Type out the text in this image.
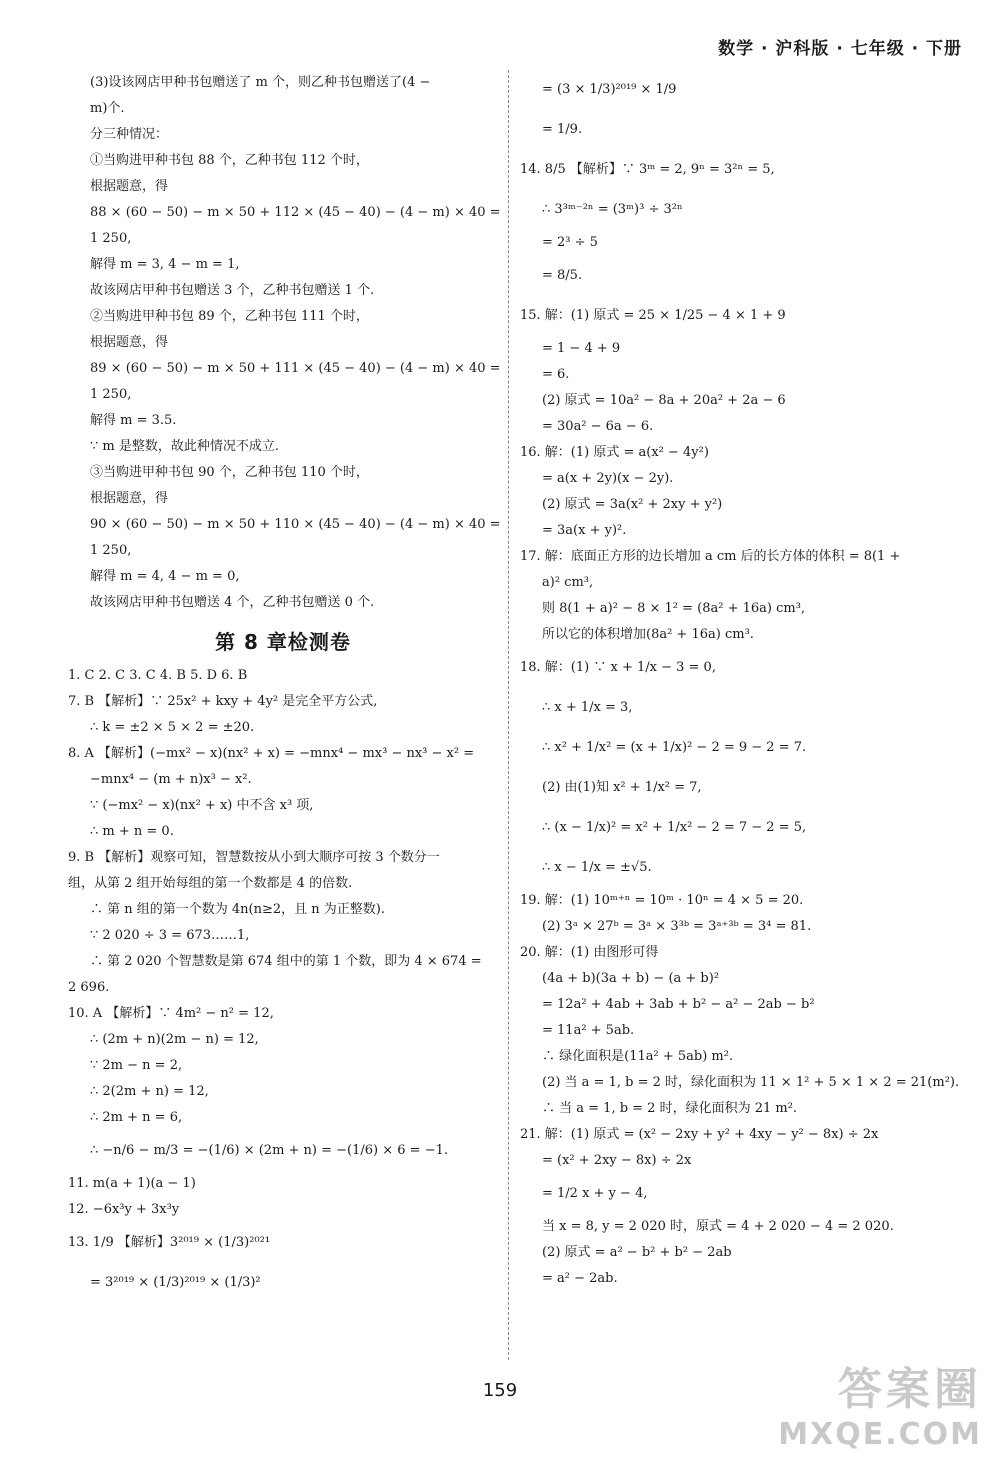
数学 · 沪科版 · 七年级 · 下册
(3)设该网店甲种书包赠送了 m 个，则乙种书包赠送了(4 −
m)个.
分三种情况：
①当购进甲种书包 88 个，乙种书包 112 个时，
根据题意，得
88 × (60 − 50) − m × 50 + 112 × (45 − 40) − (4 − m) × 40 =
1 250,
解得 m = 3, 4 − m = 1,
故该网店甲种书包赠送 3 个，乙种书包赠送 1 个.
②当购进甲种书包 89 个，乙种书包 111 个时，
根据题意，得
89 × (60 − 50) − m × 50 + 111 × (45 − 40) − (4 − m) × 40 =
1 250,
解得 m = 3.5.
∵ m 是整数，故此种情况不成立.
③当购进甲种书包 90 个，乙种书包 110 个时，
根据题意，得
90 × (60 − 50) − m × 50 + 110 × (45 − 40) − (4 − m) × 40 =
1 250,
解得 m = 4, 4 − m = 0,
故该网店甲种书包赠送 4 个，乙种书包赠送 0 个.
第 8 章检测卷
1. C 2. C 3. C 4. B 5. D 6. B
7. B 【解析】∵ 25x² + kxy + 4y² 是完全平方公式,
∴ k = ±2 × 5 × 2 = ±20.
8. A 【解析】(−mx² − x)(nx² + x) = −mnx⁴ − mx³ − nx³ − x² =
−mnx⁴ − (m + n)x³ − x².
∵ (−mx² − x)(nx² + x) 中不含 x³ 项,
∴ m + n = 0.
9. B 【解析】观察可知，智慧数按从小到大顺序可按 3 个数分一
组，从第 2 组开始每组的第一个数都是 4 的倍数.
∴ 第 n 组的第一个数为 4n(n≥2，且 n 为正整数).
∵ 2 020 ÷ 3 = 673……1,
∴ 第 2 020 个智慧数是第 674 组中的第 1 个数，即为 4 × 674 =
2 696.
10. A 【解析】∵ 4m² − n² = 12,
∴ (2m + n)(2m − n) = 12,
∵ 2m − n = 2,
∴ 2(2m + n) = 12,
∴ 2m + n = 6,
∴ −n/6 − m/3 = −(1/6) × (2m + n) = −(1/6) × 6 = −1.
11. m(a + 1)(a − 1)
12. −6x³y + 3x³y
13. 1/9 【解析】3²⁰¹⁹ × (1/3)²⁰²¹
= 3²⁰¹⁹ × (1/3)²⁰¹⁹ × (1/3)²
= (3 × 1/3)²⁰¹⁹ × 1/9
= 1/9.
14. 8/5 【解析】∵ 3ᵐ = 2, 9ⁿ = 3²ⁿ = 5,
∴ 3³ᵐ⁻²ⁿ = (3ᵐ)³ ÷ 3²ⁿ
= 2³ ÷ 5
= 8/5.
15. 解：(1) 原式 = 25 × 1/25 − 4 × 1 + 9
= 1 − 4 + 9
= 6.
(2) 原式 = 10a² − 8a + 20a² + 2a − 6
= 30a² − 6a − 6.
16. 解：(1) 原式 = a(x² − 4y²)
= a(x + 2y)(x − 2y).
(2) 原式 = 3a(x² + 2xy + y²)
= 3a(x + y)².
17. 解：底面正方形的边长增加 a cm 后的长方体的体积 = 8(1 +
a)² cm³,
则 8(1 + a)² − 8 × 1² = (8a² + 16a) cm³,
所以它的体积增加(8a² + 16a) cm³.
18. 解：(1) ∵ x + 1/x − 3 = 0,
∴ x + 1/x = 3,
∴ x² + 1/x² = (x + 1/x)² − 2 = 9 − 2 = 7.
(2) 由(1)知 x² + 1/x² = 7,
∴ (x − 1/x)² = x² + 1/x² − 2 = 7 − 2 = 5,
∴ x − 1/x = ±√5.
19. 解：(1) 10ᵐ⁺ⁿ = 10ᵐ · 10ⁿ = 4 × 5 = 20.
(2) 3ᵃ × 27ᵇ = 3ᵃ × 3³ᵇ = 3ᵃ⁺³ᵇ = 3⁴ = 81.
20. 解：(1) 由图形可得
(4a + b)(3a + b) − (a + b)²
= 12a² + 4ab + 3ab + b² − a² − 2ab − b²
= 11a² + 5ab.
∴ 绿化面积是(11a² + 5ab) m².
(2) 当 a = 1, b = 2 时，绿化面积为 11 × 1² + 5 × 1 × 2 = 21(m²).
∴ 当 a = 1, b = 2 时，绿化面积为 21 m².
21. 解：(1) 原式 = (x² − 2xy + y² + 4xy − y² − 8x) ÷ 2x
= (x² + 2xy − 8x) ÷ 2x
= 1/2 x + y − 4,
当 x = 8, y = 2 020 时，原式 = 4 + 2 020 − 4 = 2 020.
(2) 原式 = a² − b² + b² − 2ab
= a² − 2ab.
159	答案圈
MXQE.COM
